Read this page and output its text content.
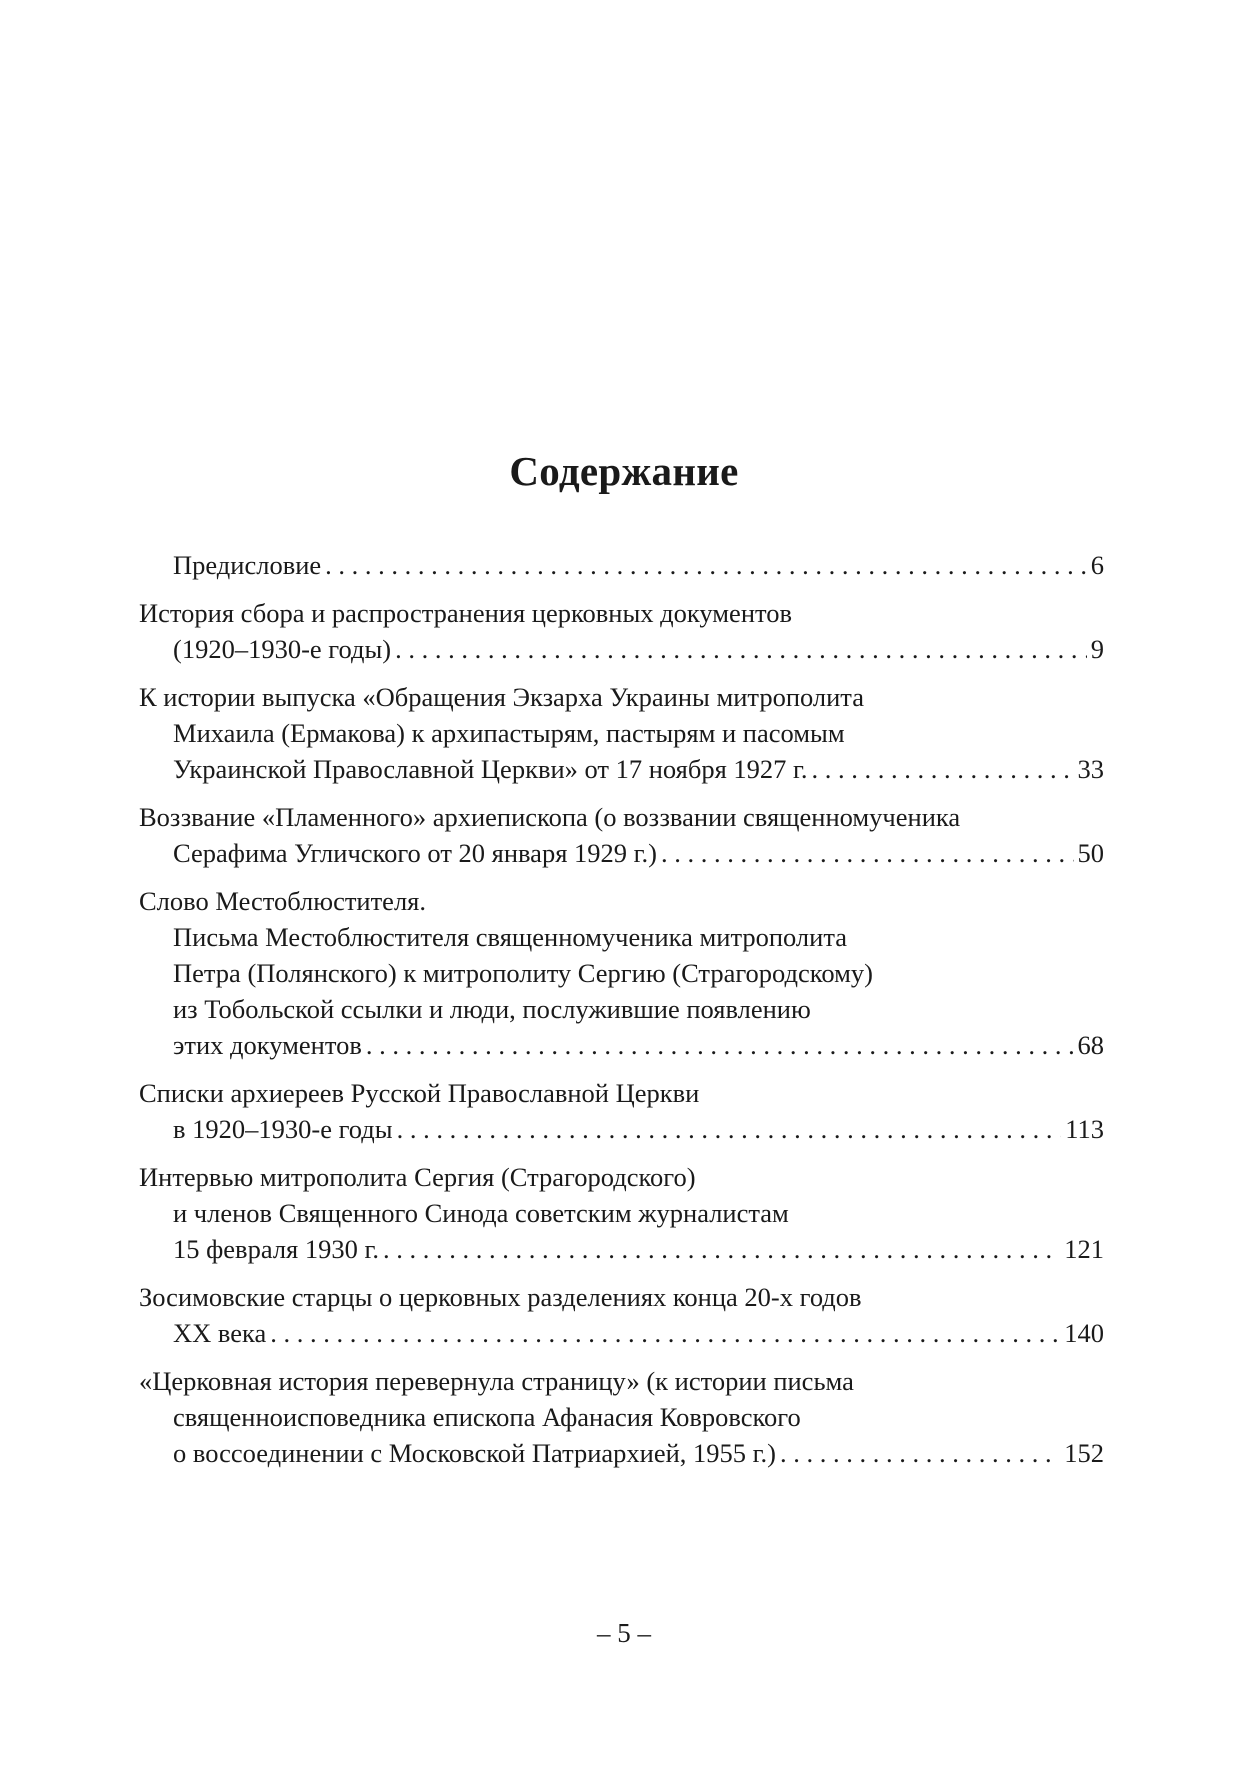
Содержание
Предисловие . . .	6
История сбора и распространения церковных документов
(1920–1930-е годы) . . .	9
К истории выпуска «Обращения Экзарха Украины митрополита
Михаила (Ермакова) к архипастырям, пастырям и пасомым
Украинской Православной Церкви» от 17 ноября 1927 г. . . .	33
Воззвание «Пламенного» архиепископа (о воззвании священномученика
Серафима Угличского от 20 января 1929 г.) . . .	50
Слово Местоблюстителя.
Письма Местоблюстителя священномученика митрополита
Петра (Полянского) к митрополиту Сергию (Страгородскому)
из Тобольской ссылки и люди, послужившие появлению
этих документов . . .	68
Списки архиереев Русской Православной Церкви
в 1920–1930-е годы . . .	113
Интервью митрополита Сергия (Страгородского)
и членов Священного Синода советским журналистам
15 февраля 1930 г. . . .	121
Зосимовские старцы о церковных разделениях конца 20-х годов
XX века . . .	140
«Церковная история перевернула страницу» (к истории письма
священноисповедника епископа Афанасия Ковровского
о воссоединении с Московской Патриархией, 1955 г.) . . .	152
– 5 –
